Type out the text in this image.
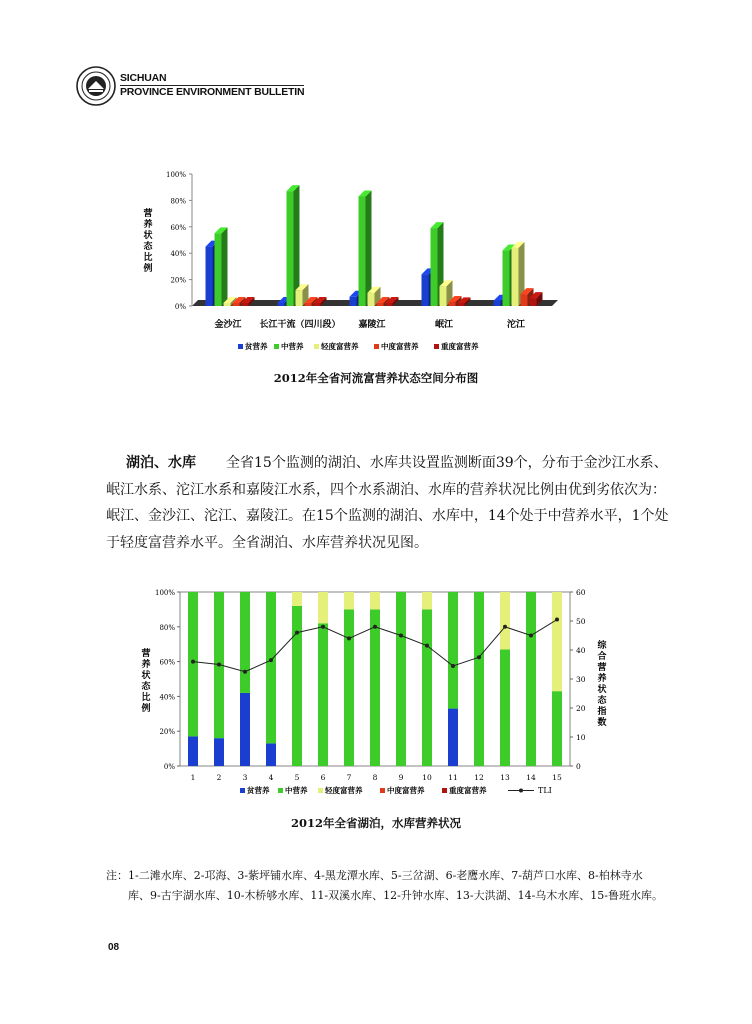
SICHUAN
PROVINCE ENVIRONMENT BULLETIN
0%
20%
40%
60%
80%
100%
营
养
状
态
比
例
金沙江 长江干流（四川段） 嘉陵江	岷江	沱江
贫营养 中营养 轻度富营养	中度富营养	重度富营养
2012年全省河流富营养状态空间分布图
湖泊、水库 全省15个监测的湖泊、水库共设置监测断面39个，分布于金沙江水系、
岷江水系、沱江水系和嘉陵江水系，四个水系湖泊、水库的营养状况比例由优到劣依次为：
岷江、金沙江、沱江、嘉陵江。在15个监测的湖泊、水库中，14个处于中营养水平，1个处
于轻度富营养水平。全省湖泊、水库营养状况见图。
0%
20%
40%
60%
80%
100%
0
10
20
30
40
50
60
营
养
状
态
比
例
综
合
营
养
状
态
指
数
1	2	3	4	5	6	7	8	9	10 11 12 13 14 15
贫营养 中营养 轻度富营养	中度富营养	重度富营养	TLI
2012年全省湖泊，水库营养状况
注：1-二滩水库、2-邛海、3-紫坪铺水库、4-黑龙潭水库、5-三岔湖、6-老鹰水库、7-葫芦口水库、8-柏林寺水
库、9-古宇湖水库、10-木桥够水库、11-双溪水库、12-升钟水库、13-大洪湖、14-乌木水库、15-鲁班水库。
08
